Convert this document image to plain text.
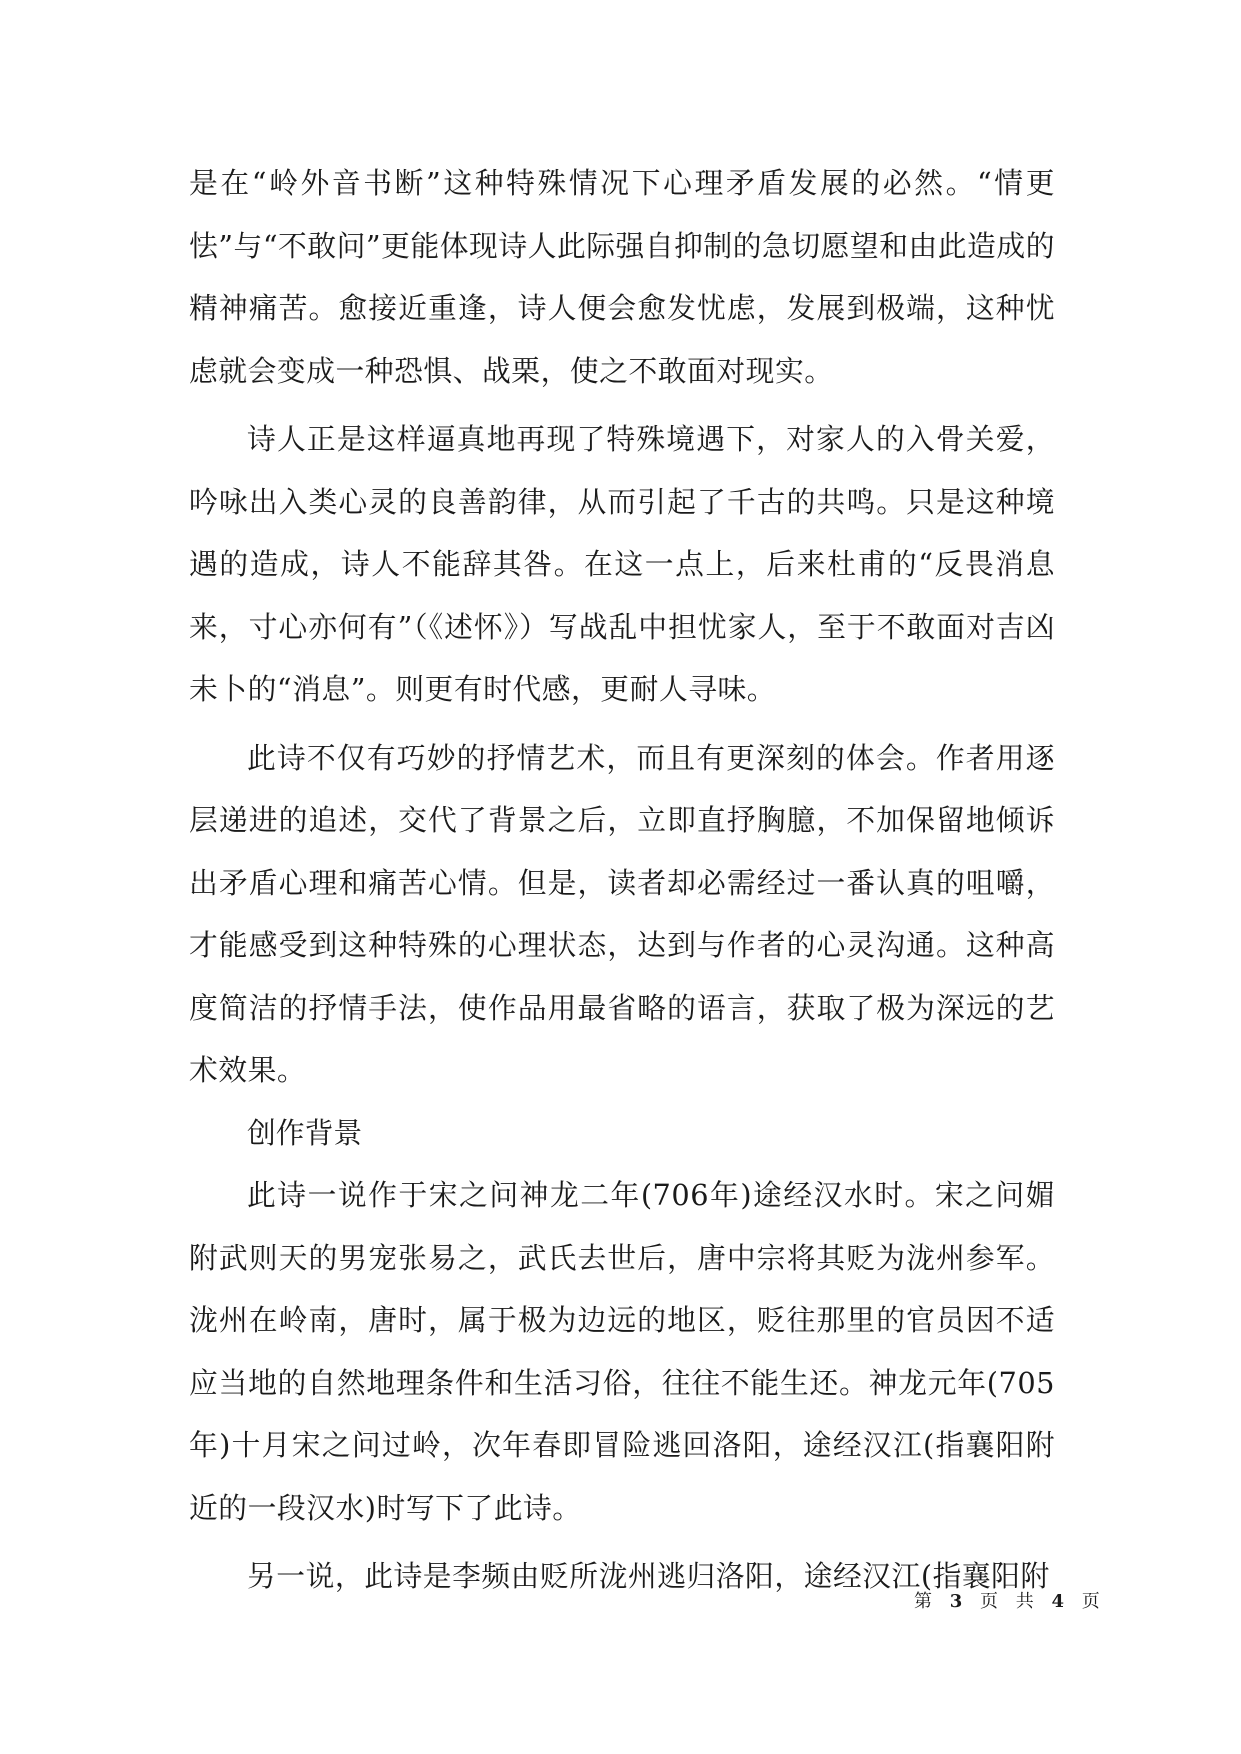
是在“岭外音书断”这种特殊情况下心理矛盾发展的必然。“情更怯”与“不敢问”更能体现诗人此际强自抑制的急切愿望和由此造成的精神痛苦。愈接近重逢，诗人便会愈发忧虑，发展到极端，这种忧虑就会变成一种恐惧、战栗，使之不敢面对现实。

诗人正是这样逼真地再现了特殊境遇下，对家人的入骨关爱，吟咏出入类心灵的良善韵律，从而引起了千古的共鸣。只是这种境遇的造成，诗人不能辞其咎。在这一点上，后来杜甫的“反畏消息来，寸心亦何有”（《述怀》）写战乱中担忧家人，至于不敢面对吉凶未卜的“消息”。则更有时代感，更耐人寻味。

此诗不仅有巧妙的抒情艺术，而且有更深刻的体会。作者用逐层递进的追述，交代了背景之后，立即直抒胸臆，不加保留地倾诉出矛盾心理和痛苦心情。但是，读者却必需经过一番认真的咀嚼，才能感受到这种特殊的心理状态，达到与作者的心灵沟通。这种高度简洁的抒情手法，使作品用最省略的语言，获取了极为深远的艺术效果。

创作背景

此诗一说作于宋之问神龙二年(706年)途经汉水时。宋之问媚附武则天的男宠张易之，武氏去世后，唐中宗将其贬为泷州参军。泷州在岭南，唐时，属于极为边远的地区，贬往那里的官员因不适应当地的自然地理条件和生活习俗，往往不能生还。神龙元年(705年)十月宋之问过岭，次年春即冒险逃回洛阳，途经汉江(指襄阳附近的一段汉水)时写下了此诗。

另一说，此诗是李频由贬所泷州逃归洛阳，途经汉江(指襄阳附

第 3 页 共 4 页
